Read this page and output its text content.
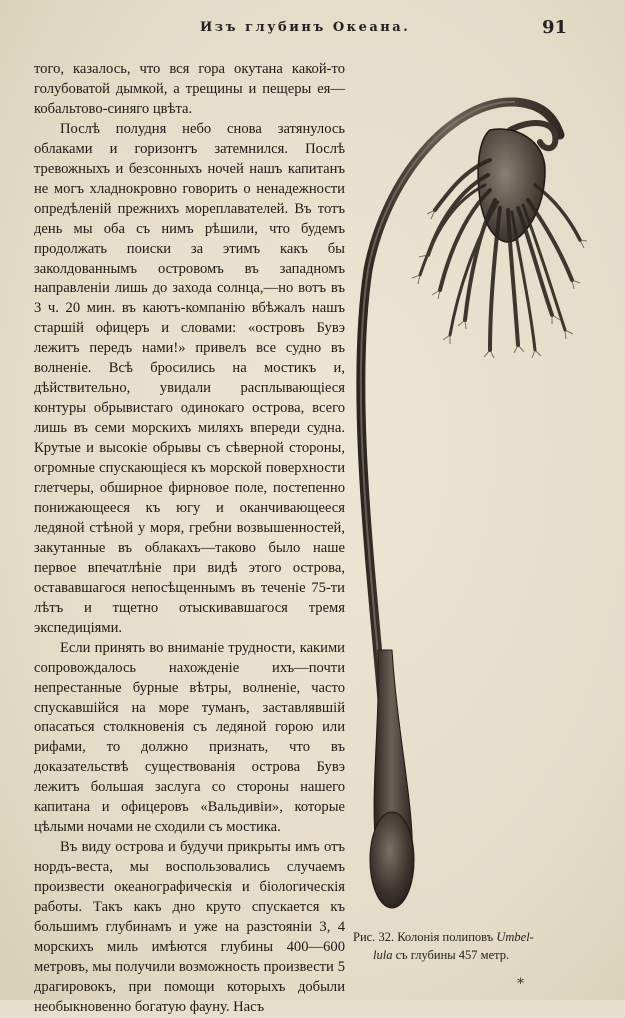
Изъ глубинъ Океана.	91

того, казалось, что вся гора окутана какой-то голубоватой дымкой, а трещины и пещеры ея—кобальтово-синяго цвѣта.

Послѣ полудня небо снова затянулось облаками и горизонтъ затемнился. Послѣ тревожныхъ и безсонныхъ ночей нашъ капитанъ не могъ хладнокровно говорить о ненадежности опредѣленій прежнихъ мореплавателей. Въ тотъ день мы оба съ нимъ рѣшили, что будемъ продолжать поиски за этимъ какъ бы заколдованнымъ островомъ въ западномъ направленіи лишь до захода солнца,—но вотъ въ 3 ч. 20 мин. въ каютъ-компанію вбѣжалъ нашъ старшій офицеръ и словами: «островъ Бувэ лежитъ передъ нами!» привелъ все судно въ волненіе. Всѣ бросились на мостикъ и, дѣйствительно, увидали расплывающіеся контуры обрывистаго одинокаго острова, всего лишь въ семи морскихъ миляхъ впереди судна. Крутые и высокіе обрывы съ сѣверной стороны, огромные спускающіеся къ морской поверхности глетчеры, обширное фирновое поле, постепенно понижающееся къ югу и оканчивающееся ледяной стѣной у моря, гребни возвышенностей, закутанные въ облакахъ—таково было наше первое впечатлѣніе при видѣ этого острова, остававшагося непосѣщеннымъ въ теченіе 75-ти лѣтъ и тщетно отыскивавшагося тремя экспедиціями.

Если принять во вниманіе трудности, какими сопровождалось нахожденіе ихъ—почти непрестанные бурные вѣтры, волненіе, часто спускавшійся на море туманъ, заставлявшій опасаться столкновенія съ ледяной горою или рифами, то должно признать, что въ доказательствѣ существованія острова Бувэ лежитъ большая заслуга со стороны нашего капитана и офицеровъ «Вальдивіи», которые цѣлыми ночами не сходили съ мостика.

Въ виду острова и будучи прикрыты имъ отъ нордъ-веста, мы воспользовались случаемъ произвести океанографическія и біологическія работы. Такъ какъ дно круто спускается къ большимъ глубинамъ и уже на разстояніи 3, 4 морскихъ миль имѣются глубины 400—600 метровъ, мы получили возможность произвести 5 драгировокъ, при помощи которыхъ добыли необыкновенно богатую фауну. Насъ

Рис. 32. Колонія полиповъ Umbel-
lula съ глубины 457 метр.
*
